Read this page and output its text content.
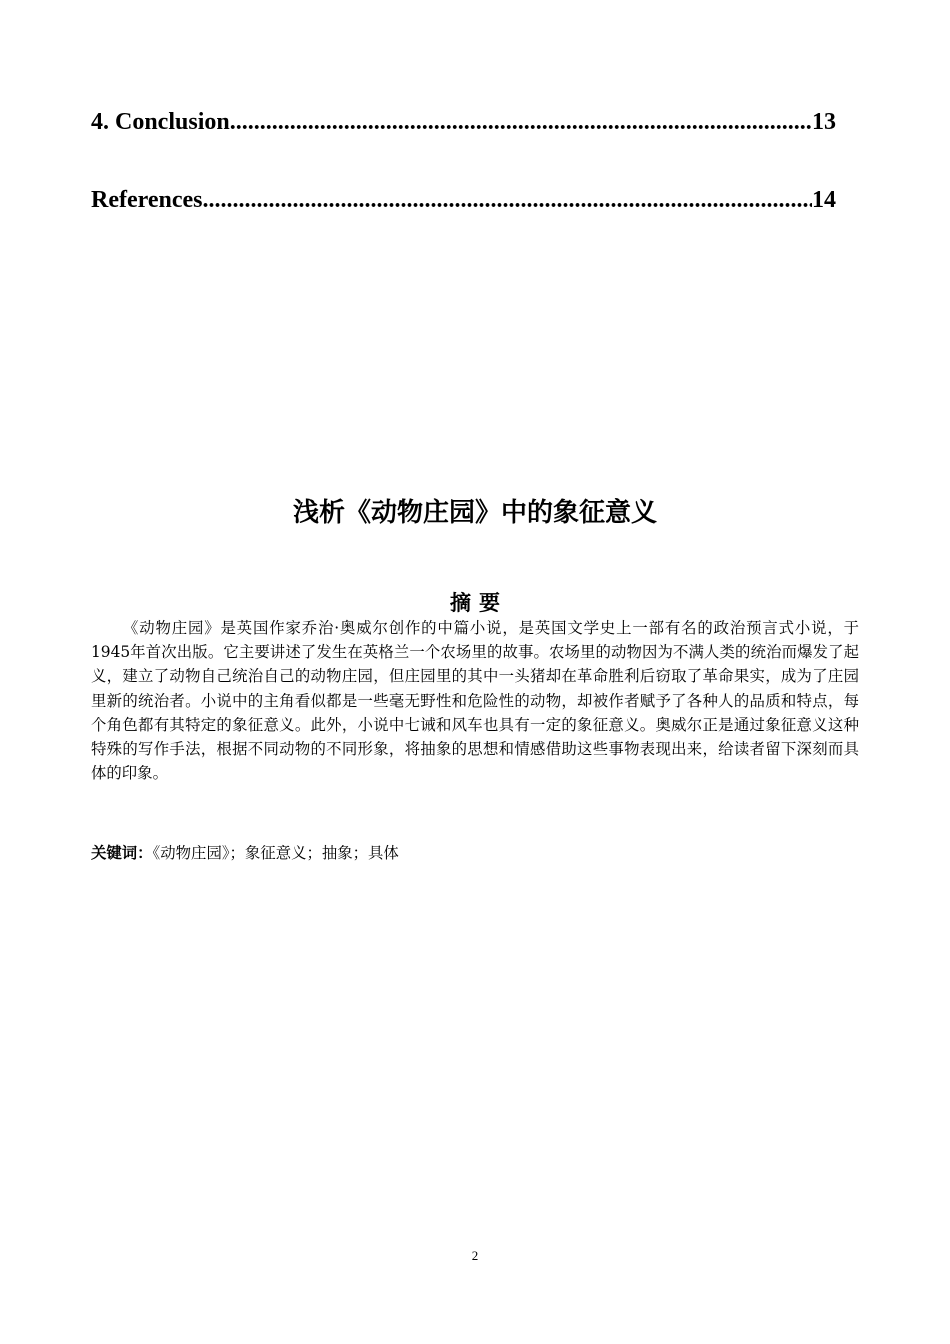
4. Conclusion .....	13
References .....	14
浅析《动物庄园》中的象征意义
摘要

《动物庄园》是英国作家乔治·奥威尔创作的中篇小说，是英国文学史上一部有名的政治预言式小说，于1945年首次出版。它主要讲述了发生在英格兰一个农场里的故事。农场里的动物因为不满人类的统治而爆发了起义，建立了动物自己统治自己的动物庄园，但庄园里的其中一头猪却在革命胜利后窃取了革命果实，成为了庄园里新的统治者。小说中的主角看似都是一些毫无野性和危险性的动物，却被作者赋予了各种人的品质和特点，每个角色都有其特定的象征意义。此外，小说中七诫和风车也具有一定的象征意义。奥威尔正是通过象征意义这种特殊的写作手法，根据不同动物的不同形象，将抽象的思想和情感借助这些事物表现出来，给读者留下深刻而具体的印象。

关键词：《动物庄园》；象征意义；抽象；具体

2
